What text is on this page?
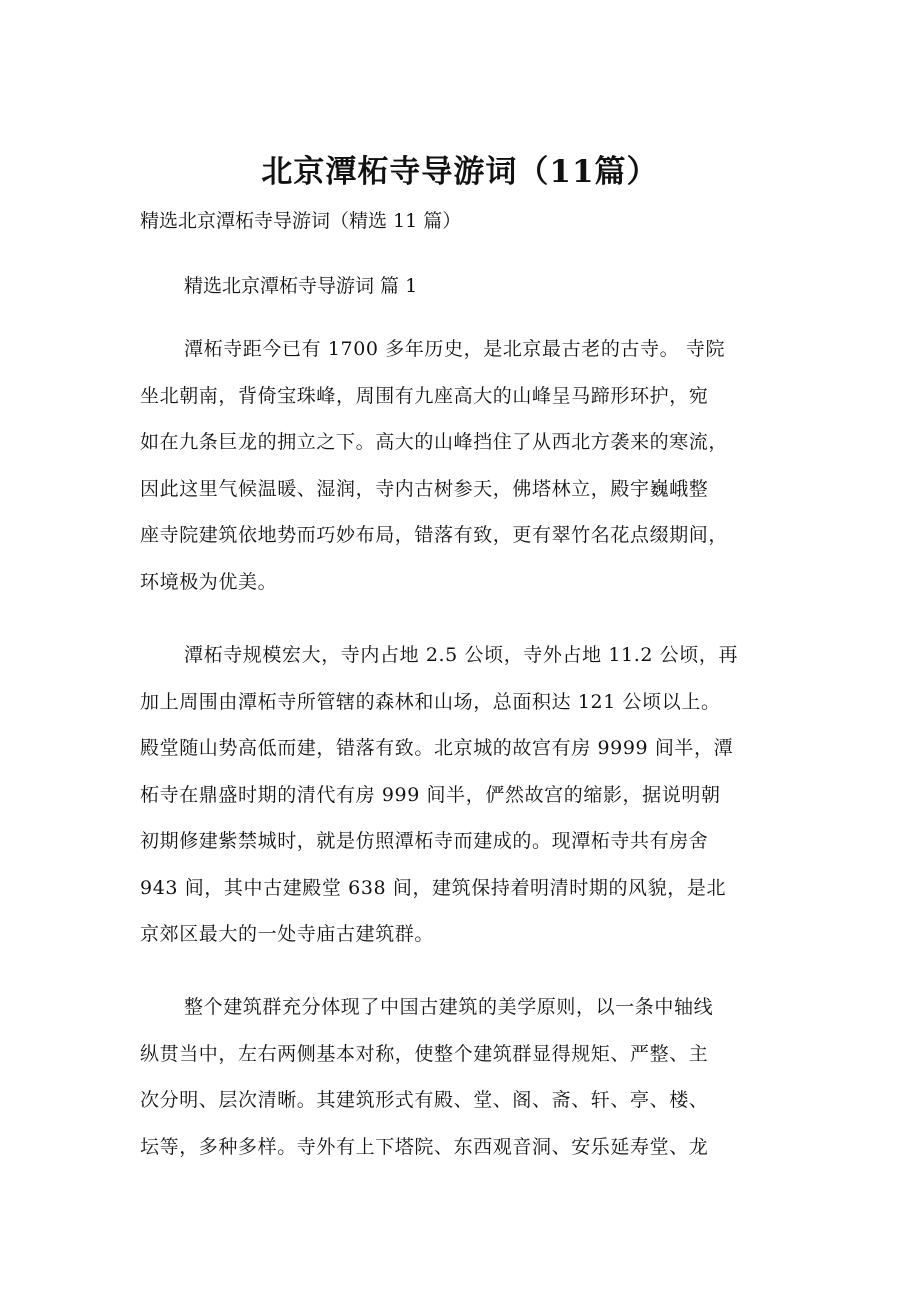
北京潭柘寺导游词（11篇）
精选北京潭柘寺导游词（精选 11 篇）
精选北京潭柘寺导游词 篇 1
潭柘寺距今已有 1700 多年历史，是北京最古老的古寺。 寺院
坐北朝南，背倚宝珠峰，周围有九座高大的山峰呈马蹄形环护，宛
如在九条巨龙的拥立之下。高大的山峰挡住了从西北方袭来的寒流，
因此这里气候温暖、湿润，寺内古树参天，佛塔林立，殿宇巍峨整
座寺院建筑依地势而巧妙布局，错落有致，更有翠竹名花点缀期间，
环境极为优美。
潭柘寺规模宏大，寺内占地 2.5 公顷，寺外占地 11.2 公顷，再
加上周围由潭柘寺所管辖的森林和山场，总面积达 121 公顷以上。
殿堂随山势高低而建，错落有致。北京城的故宫有房 9999 间半，潭
柘寺在鼎盛时期的清代有房 999 间半，俨然故宫的缩影，据说明朝
初期修建紫禁城时，就是仿照潭柘寺而建成的。现潭柘寺共有房舍
943 间，其中古建殿堂 638 间，建筑保持着明清时期的风貌，是北
京郊区最大的一处寺庙古建筑群。
整个建筑群充分体现了中国古建筑的美学原则，以一条中轴线
纵贯当中，左右两侧基本对称，使整个建筑群显得规矩、严整、主
次分明、层次清晰。其建筑形式有殿、堂、阁、斋、轩、亭、楼、
坛等，多种多样。寺外有上下塔院、东西观音洞、安乐延寿堂、龙
